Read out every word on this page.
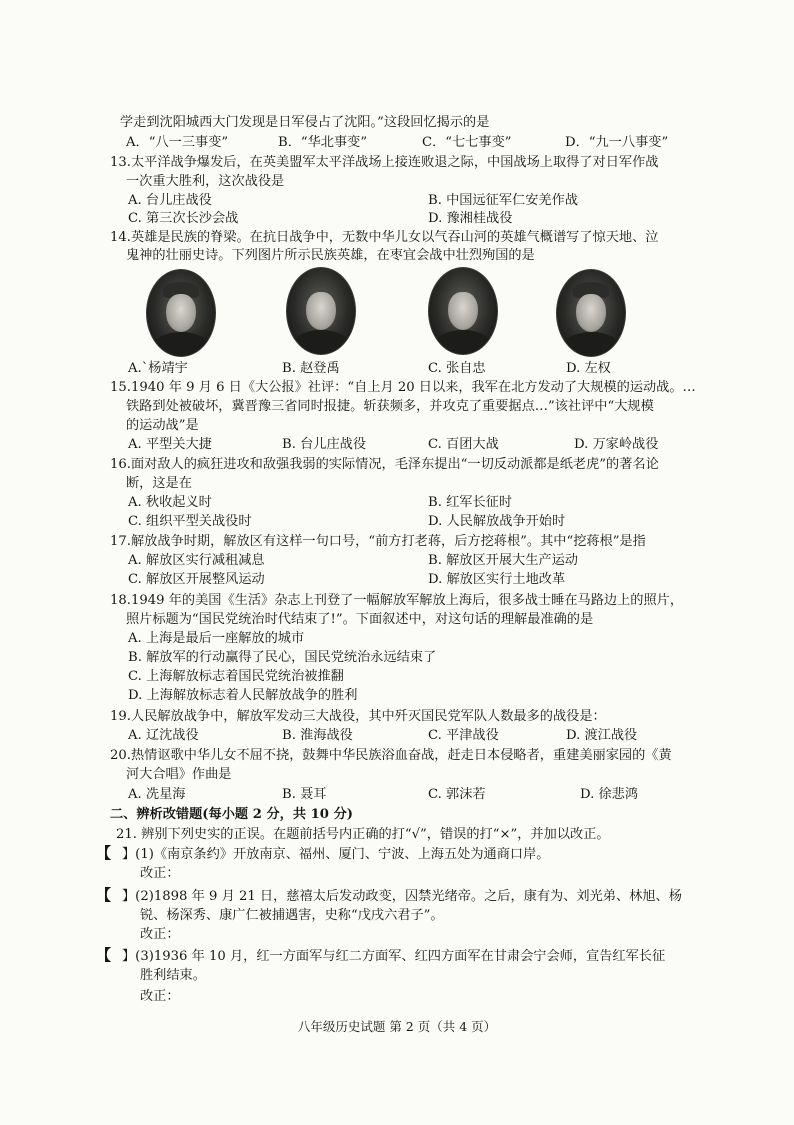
学走到沈阳城西大门发现是日军侵占了沈阳。”这段回忆揭示的是
A．“八一三事变”	B．“华北事变”	C．“七七事变”	D．“九一八事变”
13.太平洋战争爆发后，在英美盟军太平洋战场上接连败退之际，中国战场上取得了对日军作战
一次重大胜利，这次战役是
A. 台儿庄战役	B. 中国远征军仁安羌作战
C. 第三次长沙会战	D. 豫湘桂战役
14.英雄是民族的脊梁。在抗日战争中，无数中华儿女以气吞山河的英雄气概谱写了惊天地、泣
鬼神的壮丽史诗。下列图片所示民族英雄，在枣宜会战中壮烈殉国的是
A.`杨靖宇	B. 赵登禹	C. 张自忠	D. 左权
15.1940 年 9 月 6 日《大公报》社评：“自上月 20 日以来，我军在北方发动了大规模的运动战。…
铁路到处被破坏，冀晋豫三省同时报捷。斩获频多，并攻克了重要据点…”该社评中“大规模
的运动战”是
A. 平型关大捷	B. 台儿庄战役	C. 百团大战	D. 万家岭战役
16.面对敌人的疯狂进攻和敌强我弱的实际情况，毛泽东提出“一切反动派都是纸老虎”的著名论
断，这是在
A. 秋收起义时	B. 红军长征时
C. 组织平型关战役时	D. 人民解放战争开始时
17.解放战争时期，解放区有这样一句口号，“前方打老蒋，后方挖蒋根”。其中“挖蒋根”是指
A. 解放区实行减租减息	B. 解放区开展大生产运动
C. 解放区开展整风运动	D. 解放区实行土地改革
18.1949 年的美国《生活》杂志上刊登了一幅解放军解放上海后，很多战士睡在马路边上的照片，
照片标题为“国民党统治时代结束了!”。下面叙述中，对这句话的理解最准确的是
A. 上海是最后一座解放的城市
B. 解放军的行动赢得了民心，国民党统治永远结束了
C. 上海解放标志着国民党统治被推翻
D. 上海解放标志着人民解放战争的胜利
19.人民解放战争中，解放军发动三大战役，其中歼灭国民党军队人数最多的战役是：
A. 辽沈战役	B. 淮海战役	C. 平津战役	D. 渡江战役
20.热情讴歌中华儿女不屈不挠，鼓舞中华民族浴血奋战，赶走日本侵略者，重建美丽家园的《黄
河大合唱》作曲是
A. 冼星海	B. 聂耳	C. 郭沫若	D. 徐悲鸿
二、辨析改错题(每小题 2 分，共 10 分)
21. 辨别下列史实的正误。在题前括号内正确的打“√”，错误的打“×”，并加以改正。
【 】(1)《南京条约》开放南京、福州、厦门、宁波、上海五处为通商口岸。
改正：
【 】(2)1898 年 9 月 21 日，慈禧太后发动政变，囚禁光绪帝。之后，康有为、刘光弟、林旭、杨
锐、杨深秀、康广仁被捕遇害，史称“戊戌六君子”。
改正：
【 】(3)1936 年 10 月，红一方面军与红二方面军、红四方面军在甘肃会宁会师，宣告红军长征
胜利结束。
改正：
八年级历史试题 第 2 页（共 4 页）
